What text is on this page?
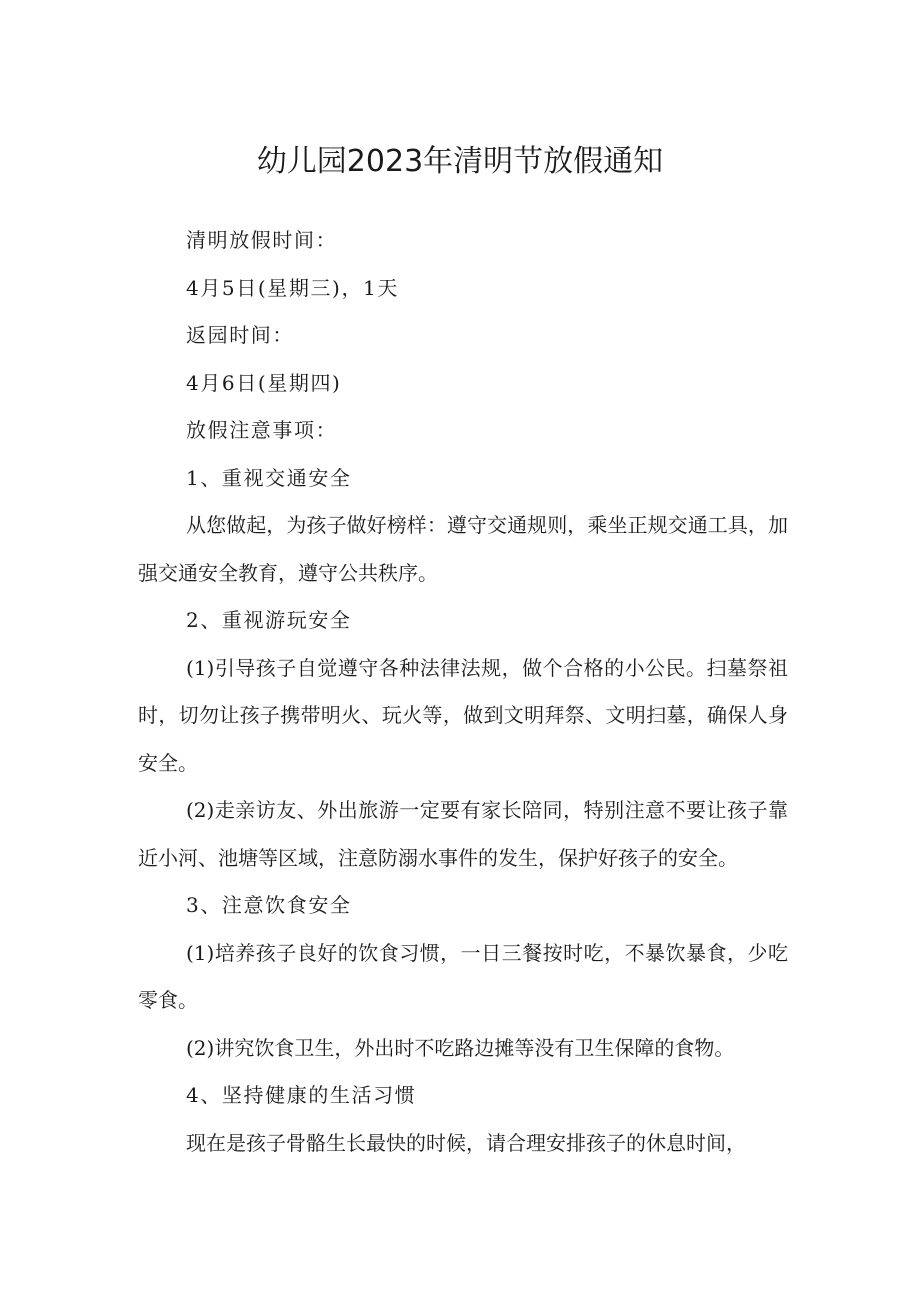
幼儿园2023年清明节放假通知

清明放假时间：

4月5日(星期三)，1天

返园时间：

4月6日(星期四)

放假注意事项：

1、重视交通安全

从您做起，为孩子做好榜样：遵守交通规则，乘坐正规交通工具，加强交通安全教育，遵守公共秩序。

2、重视游玩安全

(1)引导孩子自觉遵守各种法律法规，做个合格的小公民。扫墓祭祖时，切勿让孩子携带明火、玩火等，做到文明拜祭、文明扫墓，确保人身安全。

(2)走亲访友、外出旅游一定要有家长陪同，特别注意不要让孩子靠近小河、池塘等区域，注意防溺水事件的发生，保护好孩子的安全。

3、注意饮食安全

(1)培养孩子良好的饮食习惯，一日三餐按时吃，不暴饮暴食，少吃零食。

(2)讲究饮食卫生，外出时不吃路边摊等没有卫生保障的食物。

4、坚持健康的生活习惯

现在是孩子骨骼生长最快的时候，请合理安排孩子的休息时间，
